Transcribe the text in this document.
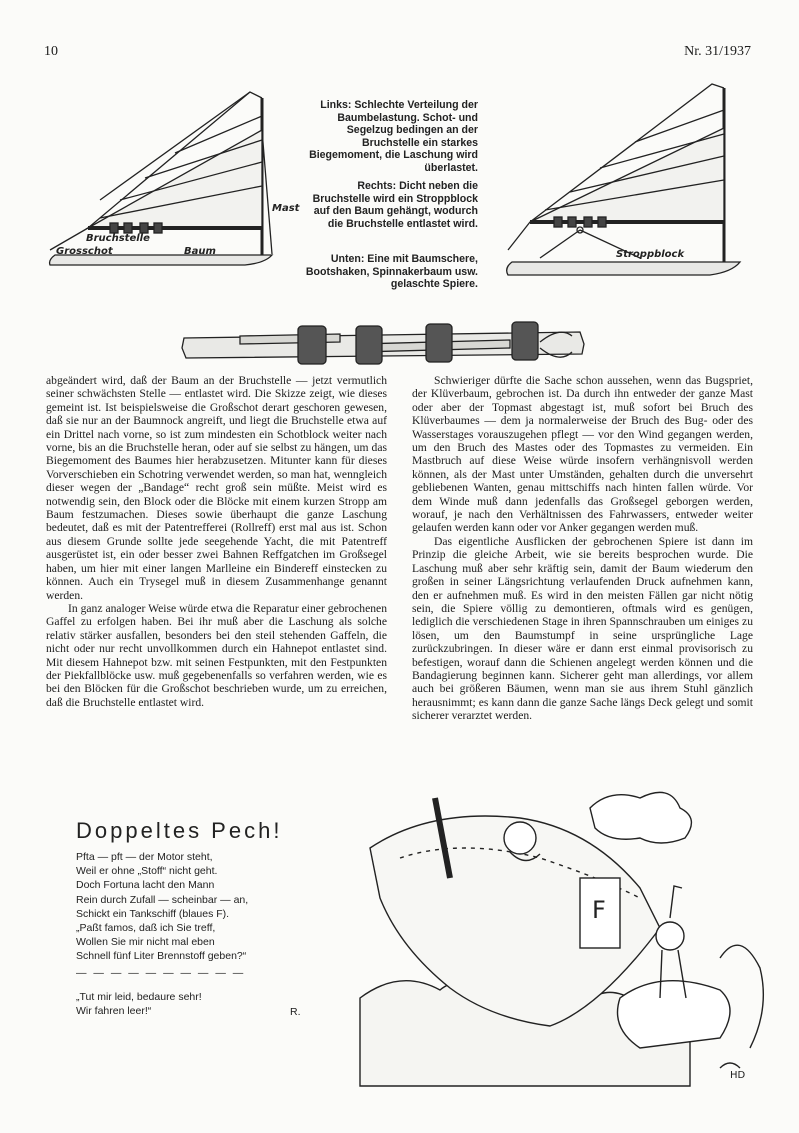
10	Nr. 31/1937
Mast
Bruchstelle
Grosschot	Baum
Links: Schlechte Verteilung der Baumbelastung. Schot- und Segelzug bedingen an der Bruchstelle ein starkes Biegemoment, die Laschung wird überlastet.
Rechts: Dicht neben die Bruchstelle wird ein Stroppblock auf den Baum gehängt, wodurch die Bruchstelle entlastet wird.
Unten: Eine mit Baumschere, Bootshaken, Spinnakerbaum usw. gelaschte Spiere.
Stroppblock

abgeändert wird, daß der Baum an der Bruchstelle — jetzt vermutlich seiner schwächsten Stelle — entlastet wird. Die Skizze zeigt, wie dieses gemeint ist. Ist beispielsweise die Großschot derart geschoren gewesen, daß sie nur an der Baumnock angreift, und liegt die Bruchstelle etwa auf ein Drittel nach vorne, so ist zum mindesten ein Schotblock weiter nach vorne, bis an die Bruchstelle heran, oder auf sie selbst zu hängen, um das Biegemoment des Baumes hier herabzusetzen. Mitunter kann für dieses Vorverschieben ein Schotring verwendet werden, so man hat, wenngleich dieser wegen der „Bandage“ recht groß sein müßte. Meist wird es notwendig sein, den Block oder die Blöcke mit einem kurzen Stropp am Baum festzumachen. Dieses sowie überhaupt die ganze Laschung bedeutet, daß es mit der Patentrefferei (Rollreff) erst mal aus ist. Schon aus diesem Grunde sollte jede seegehende Yacht, die mit Patentreff ausgerüstet ist, ein oder besser zwei Bahnen Reffgatchen im Großsegel haben, um hier mit einer langen Marlleine ein Bindereff einstecken zu können. Auch ein Trysegel muß in diesem Zusammenhange genannt werden.

In ganz analoger Weise würde etwa die Reparatur einer gebrochenen Gaffel zu erfolgen haben. Bei ihr muß aber die Laschung als solche relativ stärker ausfallen, besonders bei den steil stehenden Gaffeln, die nicht oder nur recht unvollkommen durch ein Hahnepot entlastet sind. Mit diesem Hahnepot bzw. mit seinen Festpunkten, mit den Festpunkten der Piekfallblöcke usw. muß gegebenenfalls so verfahren werden, wie es bei den Blöcken für die Großschot beschrieben wurde, um zu erreichen, daß die Bruchstelle entlastet wird.

Schwieriger dürfte die Sache schon aussehen, wenn das Bugspriet, der Klüverbaum, gebrochen ist. Da durch ihn entweder der ganze Mast oder aber der Topmast abgestagt ist, muß sofort bei Bruch des Klüverbaumes — dem ja normalerweise der Bruch des Bug- oder des Wasserstages vorauszugehen pflegt — vor den Wind gegangen werden, um den Bruch des Mastes oder des Topmastes zu vermeiden. Ein Mastbruch auf diese Weise würde insofern verhängnisvoll werden können, als der Mast unter Umständen, gehalten durch die unversehrt gebliebenen Wanten, genau mittschiffs nach hinten fallen würde. Vor dem Winde muß dann jedenfalls das Großsegel geborgen werden, worauf, je nach den Verhältnissen des Fahrwassers, entweder weiter gelaufen werden kann oder vor Anker gegangen werden muß.

Das eigentliche Ausflicken der gebrochenen Spiere ist dann im Prinzip die gleiche Arbeit, wie sie bereits besprochen wurde. Die Laschung muß aber sehr kräftig sein, damit der Baum wiederum den großen in seiner Längsrichtung verlaufenden Druck aufnehmen kann, den er aufnehmen muß. Es wird in den meisten Fällen gar nicht nötig sein, die Spiere völlig zu demontieren, oftmals wird es genügen, lediglich die verschiedenen Stage in ihren Spannschrauben um einiges zu lösen, um den Baumstumpf in seine ursprüngliche Lage zurückzubringen. In dieser wäre er dann erst einmal provisorisch zu befestigen, worauf dann die Schienen angelegt werden können und die Bandagierung beginnen kann. Sicherer geht man allerdings, vor allem auch bei größeren Bäumen, wenn man sie aus ihrem Stuhl gänzlich herausnimmt; es kann dann die ganze Sache längs Deck gelegt und somit sicherer verarztet werden.

Doppeltes Pech!
Pfta — pft — der Motor steht,
Weil er ohne „Stoff“ nicht geht.
Doch Fortuna lacht den Mann
Rein durch Zufall — scheinbar — an,
Schickt ein Tankschiff (blaues F).
„Paßt famos, daß ich Sie treff,
Wollen Sie mir nicht mal eben
Schnell fünf Liter Brennstoff geben?“
— — — — — — — — — —
„Tut mir leid, bedaure sehr!
Wir fahren leer!“	R.
F
HD
